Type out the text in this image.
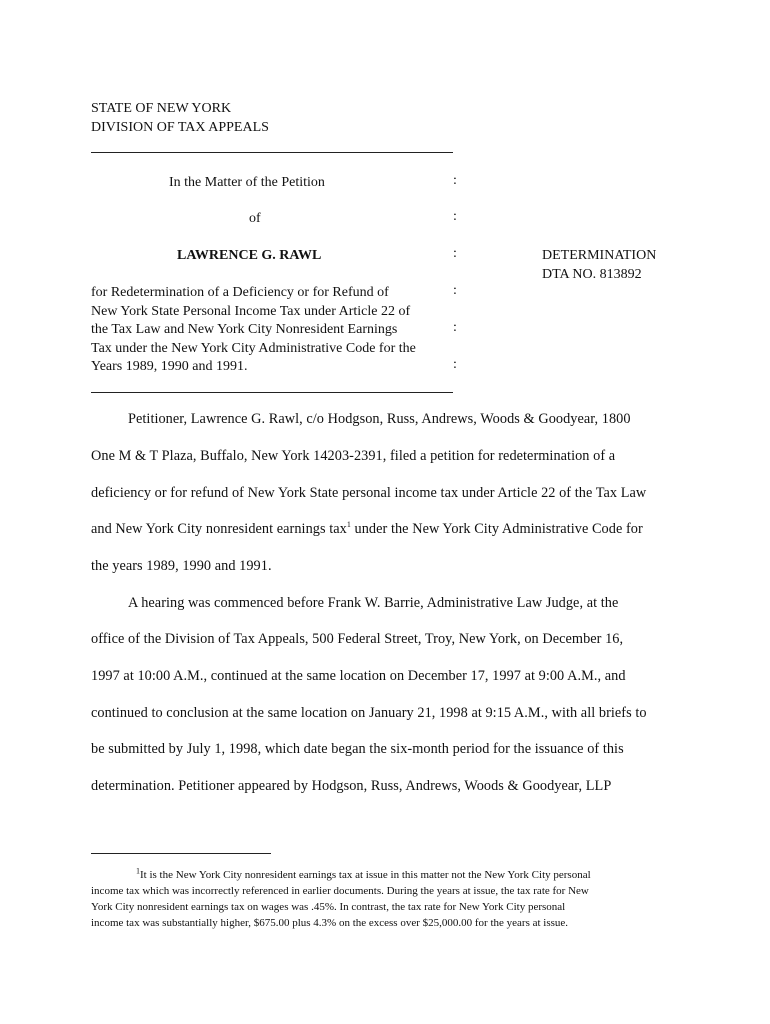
STATE OF NEW YORK
DIVISION OF TAX APPEALS
In the Matter of the Petition	:
of	:
LAWRENCE G. RAWL	:	DETERMINATION
DTA NO. 813892
for Redetermination of a Deficiency or for Refund of
New York State Personal Income Tax under Article 22 of
the Tax Law and New York City Nonresident Earnings
Tax under the New York City Administrative Code for the
Years 1989, 1990 and 1991.
:
:
:
Petitioner, Lawrence G. Rawl, c/o Hodgson, Russ, Andrews, Woods & Goodyear, 1800
One M & T Plaza, Buffalo, New York 14203-2391, filed a petition for redetermination of a
deficiency or for refund of New York State personal income tax under Article 22 of the Tax Law
and New York City nonresident earnings tax$^1$ under the New York City Administrative Code for
the years 1989, 1990 and 1991.
A hearing was commenced before Frank W. Barrie, Administrative Law Judge, at the
office of the Division of Tax Appeals, 500 Federal Street, Troy, New York, on December 16,
1997 at 10:00 A.M., continued at the same location on December 17, 1997 at 9:00 A.M., and
continued to conclusion at the same location on January 21, 1998 at 9:15 A.M., with all briefs to
be submitted by July 1, 1998, which date began the six-month period for the issuance of this
determination. Petitioner appeared by Hodgson, Russ, Andrews, Woods & Goodyear, LLP
$^1$It is the New York City nonresident earnings tax at issue in this matter not the New York City personal
income tax which was incorrectly referenced in earlier documents. During the years at issue, the tax rate for New
York City nonresident earnings tax on wages was .45%. In contrast, the tax rate for New York City personal
income tax was substantially higher, $675.00 plus 4.3% on the excess over $25,000.00 for the years at issue.
